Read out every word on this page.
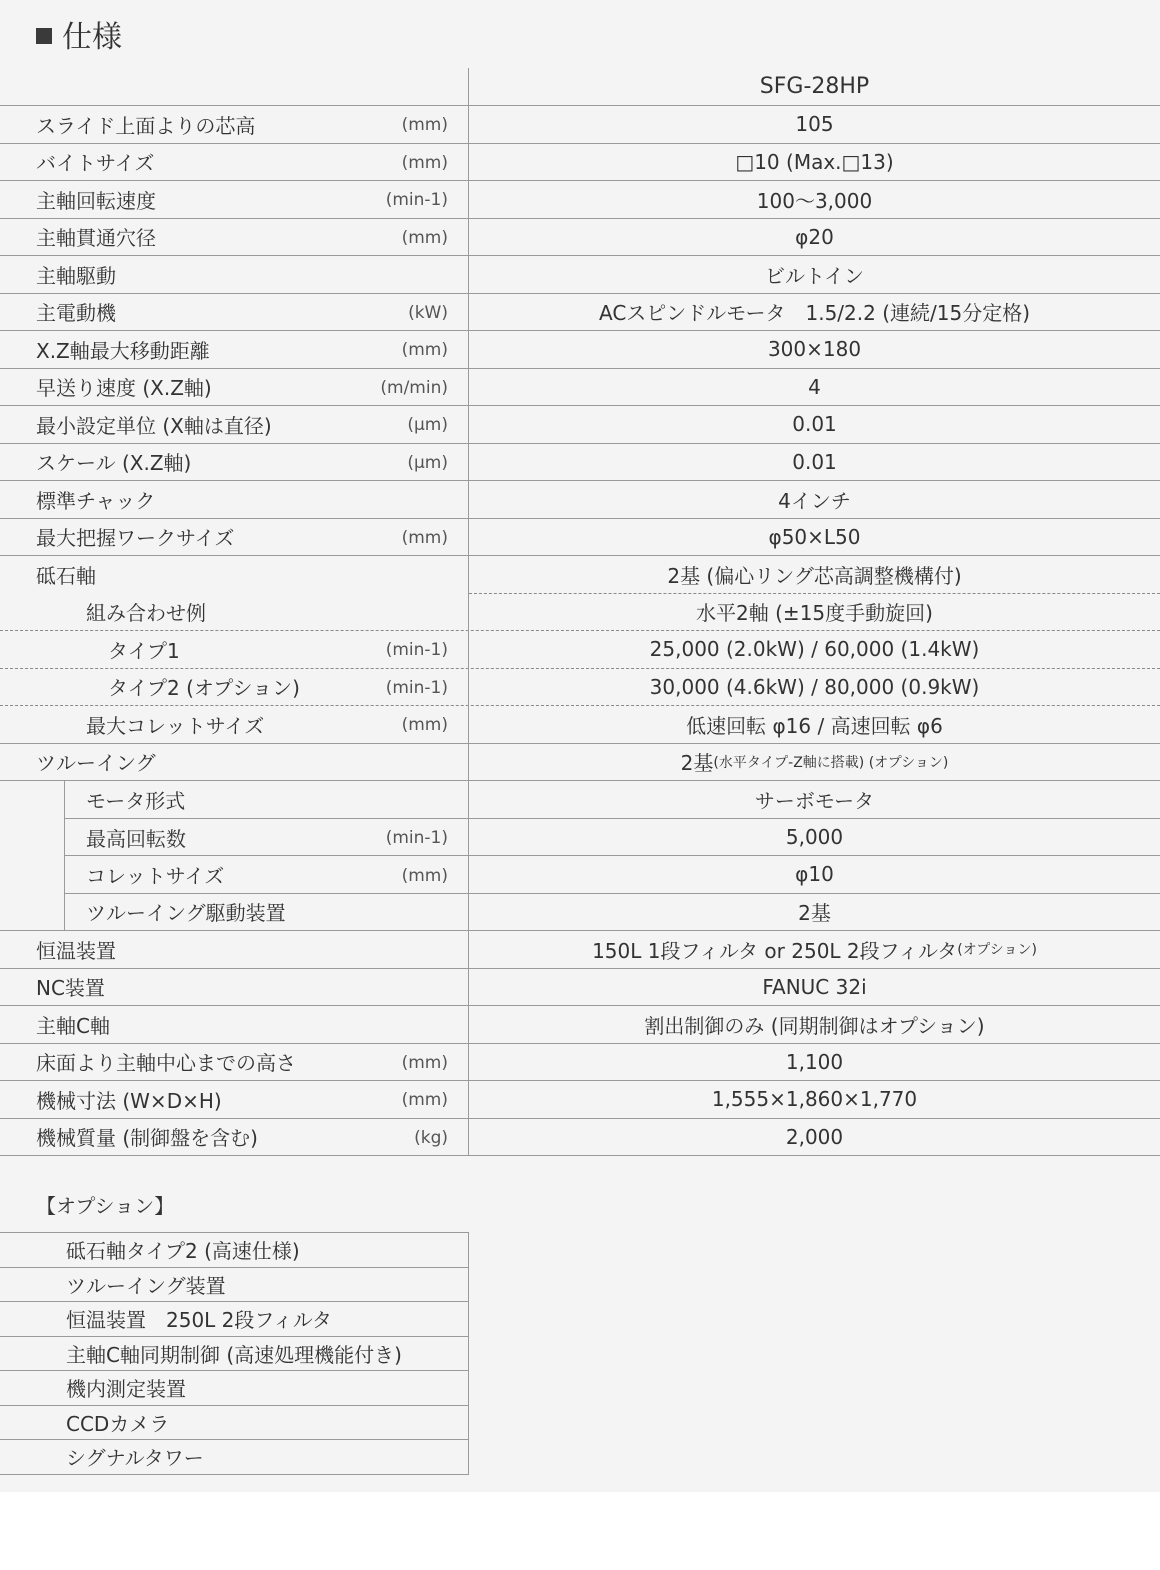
仕様
SFG-28HP
スライド上面よりの芯高	(mm)	105
バイトサイズ	(mm)	□10 (Max.□13)
主軸回転速度	(min-1)	100～3,000
主軸貫通穴径	(mm)	φ20
主軸駆動	ビルトイン
主電動機	(kW)	ACスピンドルモータ　1.5/2.2 (連続/15分定格)
X.Z軸最大移動距離	(mm)	300×180
早送り速度 (X.Z軸)	(m/min)	4
最小設定単位 (X軸は直径)	(μm)	0.01
スケール (X.Z軸)	(μm)	0.01
標準チャック	4インチ
最大把握ワークサイズ	(mm)	φ50×L50
砥石軸	2基 (偏心リング芯高調整機構付)
組み合わせ例	水平2軸 (±15度手動旋回)
タイプ1	(min-1)	25,000 (2.0kW) / 60,000 (1.4kW)
タイプ2 (オプション)	(min-1)	30,000 (4.6kW) / 80,000 (0.9kW)
最大コレットサイズ	(mm)	低速回転 φ16 / 高速回転 φ6
ツルーイング	2基 (水平タイプ-Z軸に搭載) (オプション)
モータ形式	サーボモータ
最高回転数	(min-1)	5,000
コレットサイズ	(mm)	φ10
ツルーイング駆動装置	2基
恒温装置	150L 1段フィルタ or 250L 2段フィルタ (オプション)
NC装置	FANUC 32i
主軸C軸	割出制御のみ (同期制御はオプション)
床面より主軸中心までの高さ	(mm)	1,100
機械寸法 (W×D×H)	(mm)	1,555×1,860×1,770
機械質量 (制御盤を含む)	(kg)	2,000
【オプション】
砥石軸タイプ2 (高速仕様)
ツルーイング装置
恒温装置　250L 2段フィルタ
主軸C軸同期制御 (高速処理機能付き)
機内測定装置
CCDカメラ
シグナルタワー
